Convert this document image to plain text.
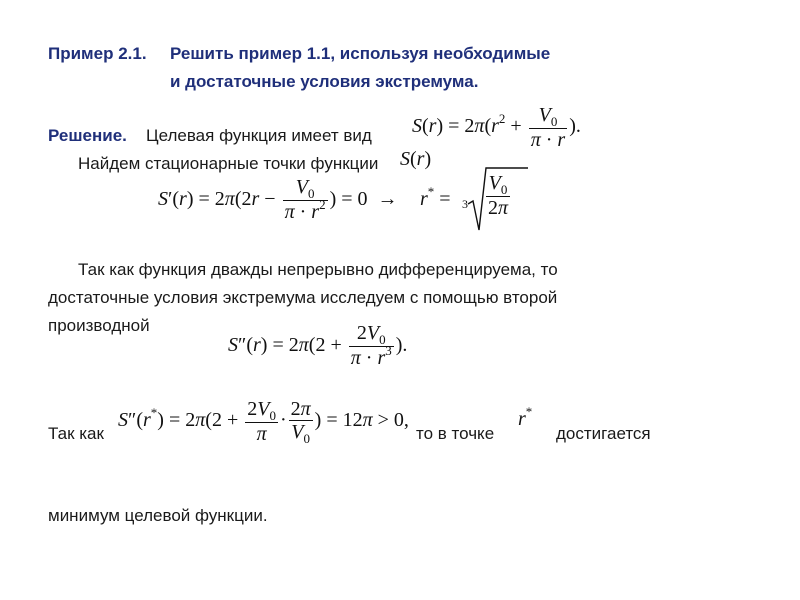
Пример 2.1. Решить пример 1.1, используя необходимые
и достаточные условия экстремума.
Решение. Целевая функция имеет вид $S(r) = 2\pi(r^2 + \frac{V_0}{\pi \cdot r}$ ).
Найдем стационарные точки функции S(r)
$S'(r) = 2\pi(2r - \frac{V_0}{\pi \cdot r^2}$ ) = $0 \to r^* = 3 \frac{V_0}{2\pi}$
Так как функция дважды непрерывно дифференцируема, то
достаточные условия экстремума исследуем с помощью второй
производной
$S''(r) = 2\pi(2 + \frac{2V_0}{\pi \cdot r^3}$ ).
Так как
$S''(r^*) = 2\pi(2 + \frac{2V_0}{\pi} \cdot \frac{2\pi}{V_0}$ ) = 12π > 0,
то в точке
r*
достигается
минимум целевой функции.
